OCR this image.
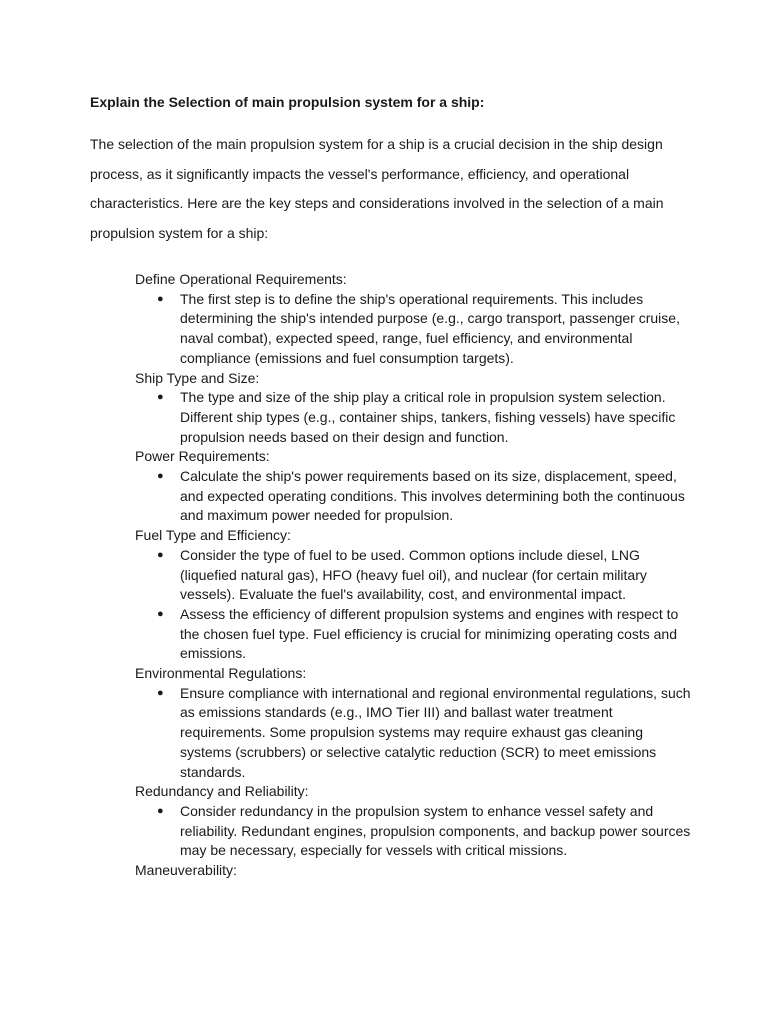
Explain the Selection of main propulsion system for a ship:

The selection of the main propulsion system for a ship is a crucial decision in the ship design process, as it significantly impacts the vessel's performance, efficiency, and operational characteristics. Here are the key steps and considerations involved in the selection of a main propulsion system for a ship:

Define Operational Requirements:
● The first step is to define the ship's operational requirements. This includes determining the ship's intended purpose (e.g., cargo transport, passenger cruise, naval combat), expected speed, range, fuel efficiency, and environmental compliance (emissions and fuel consumption targets).
Ship Type and Size:
● The type and size of the ship play a critical role in propulsion system selection. Different ship types (e.g., container ships, tankers, fishing vessels) have specific propulsion needs based on their design and function.
Power Requirements:
● Calculate the ship's power requirements based on its size, displacement, speed, and expected operating conditions. This involves determining both the continuous and maximum power needed for propulsion.
Fuel Type and Efficiency:
● Consider the type of fuel to be used. Common options include diesel, LNG (liquefied natural gas), HFO (heavy fuel oil), and nuclear (for certain military vessels). Evaluate the fuel's availability, cost, and environmental impact.
● Assess the efficiency of different propulsion systems and engines with respect to the chosen fuel type. Fuel efficiency is crucial for minimizing operating costs and emissions.
Environmental Regulations:
● Ensure compliance with international and regional environmental regulations, such as emissions standards (e.g., IMO Tier III) and ballast water treatment requirements. Some propulsion systems may require exhaust gas cleaning systems (scrubbers) or selective catalytic reduction (SCR) to meet emissions standards.
Redundancy and Reliability:
● Consider redundancy in the propulsion system to enhance vessel safety and reliability. Redundant engines, propulsion components, and backup power sources may be necessary, especially for vessels with critical missions.
Maneuverability:
